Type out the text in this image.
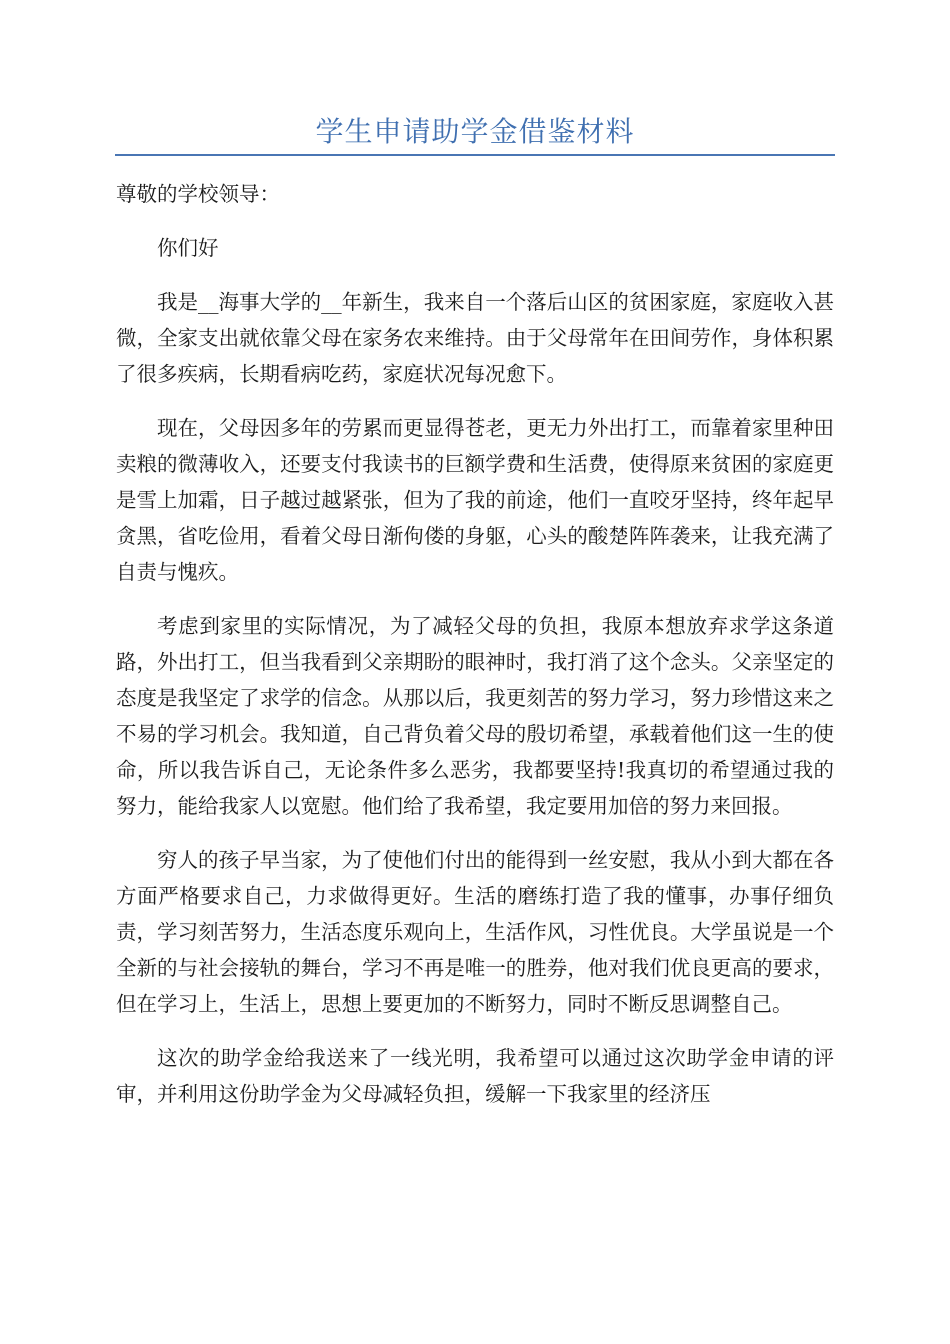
学生申请助学金借鉴材料

尊敬的学校领导：

你们好

我是__海事大学的__年新生，我来自一个落后山区的贫困家庭，家庭收入甚微，全家支出就依靠父母在家务农来维持。由于父母常年在田间劳作，身体积累了很多疾病，长期看病吃药，家庭状况每况愈下。

现在，父母因多年的劳累而更显得苍老，更无力外出打工，而靠着家里种田卖粮的微薄收入，还要支付我读书的巨额学费和生活费，使得原来贫困的家庭更是雪上加霜，日子越过越紧张，但为了我的前途，他们一直咬牙坚持，终年起早贪黑，省吃俭用，看着父母日渐佝偻的身躯，心头的酸楚阵阵袭来，让我充满了自责与愧疚。

考虑到家里的实际情况，为了减轻父母的负担，我原本想放弃求学这条道路，外出打工，但当我看到父亲期盼的眼神时，我打消了这个念头。父亲坚定的态度是我坚定了求学的信念。从那以后，我更刻苦的努力学习，努力珍惜这来之不易的学习机会。我知道，自己背负着父母的殷切希望，承载着他们这一生的使命，所以我告诉自己，无论条件多么恶劣，我都要坚持!我真切的希望通过我的努力，能给我家人以宽慰。他们给了我希望，我定要用加倍的努力来回报。

穷人的孩子早当家，为了使他们付出的能得到一丝安慰，我从小到大都在各方面严格要求自己，力求做得更好。生活的磨练打造了我的懂事，办事仔细负责，学习刻苦努力，生活态度乐观向上，生活作风，习性优良。大学虽说是一个全新的与社会接轨的舞台，学习不再是唯一的胜券，他对我们优良更高的要求，但在学习上，生活上，思想上要更加的不断努力，同时不断反思调整自己。

这次的助学金给我送来了一线光明，我希望可以通过这次助学金申请的评审，并利用这份助学金为父母减轻负担，缓解一下我家里的经济压
